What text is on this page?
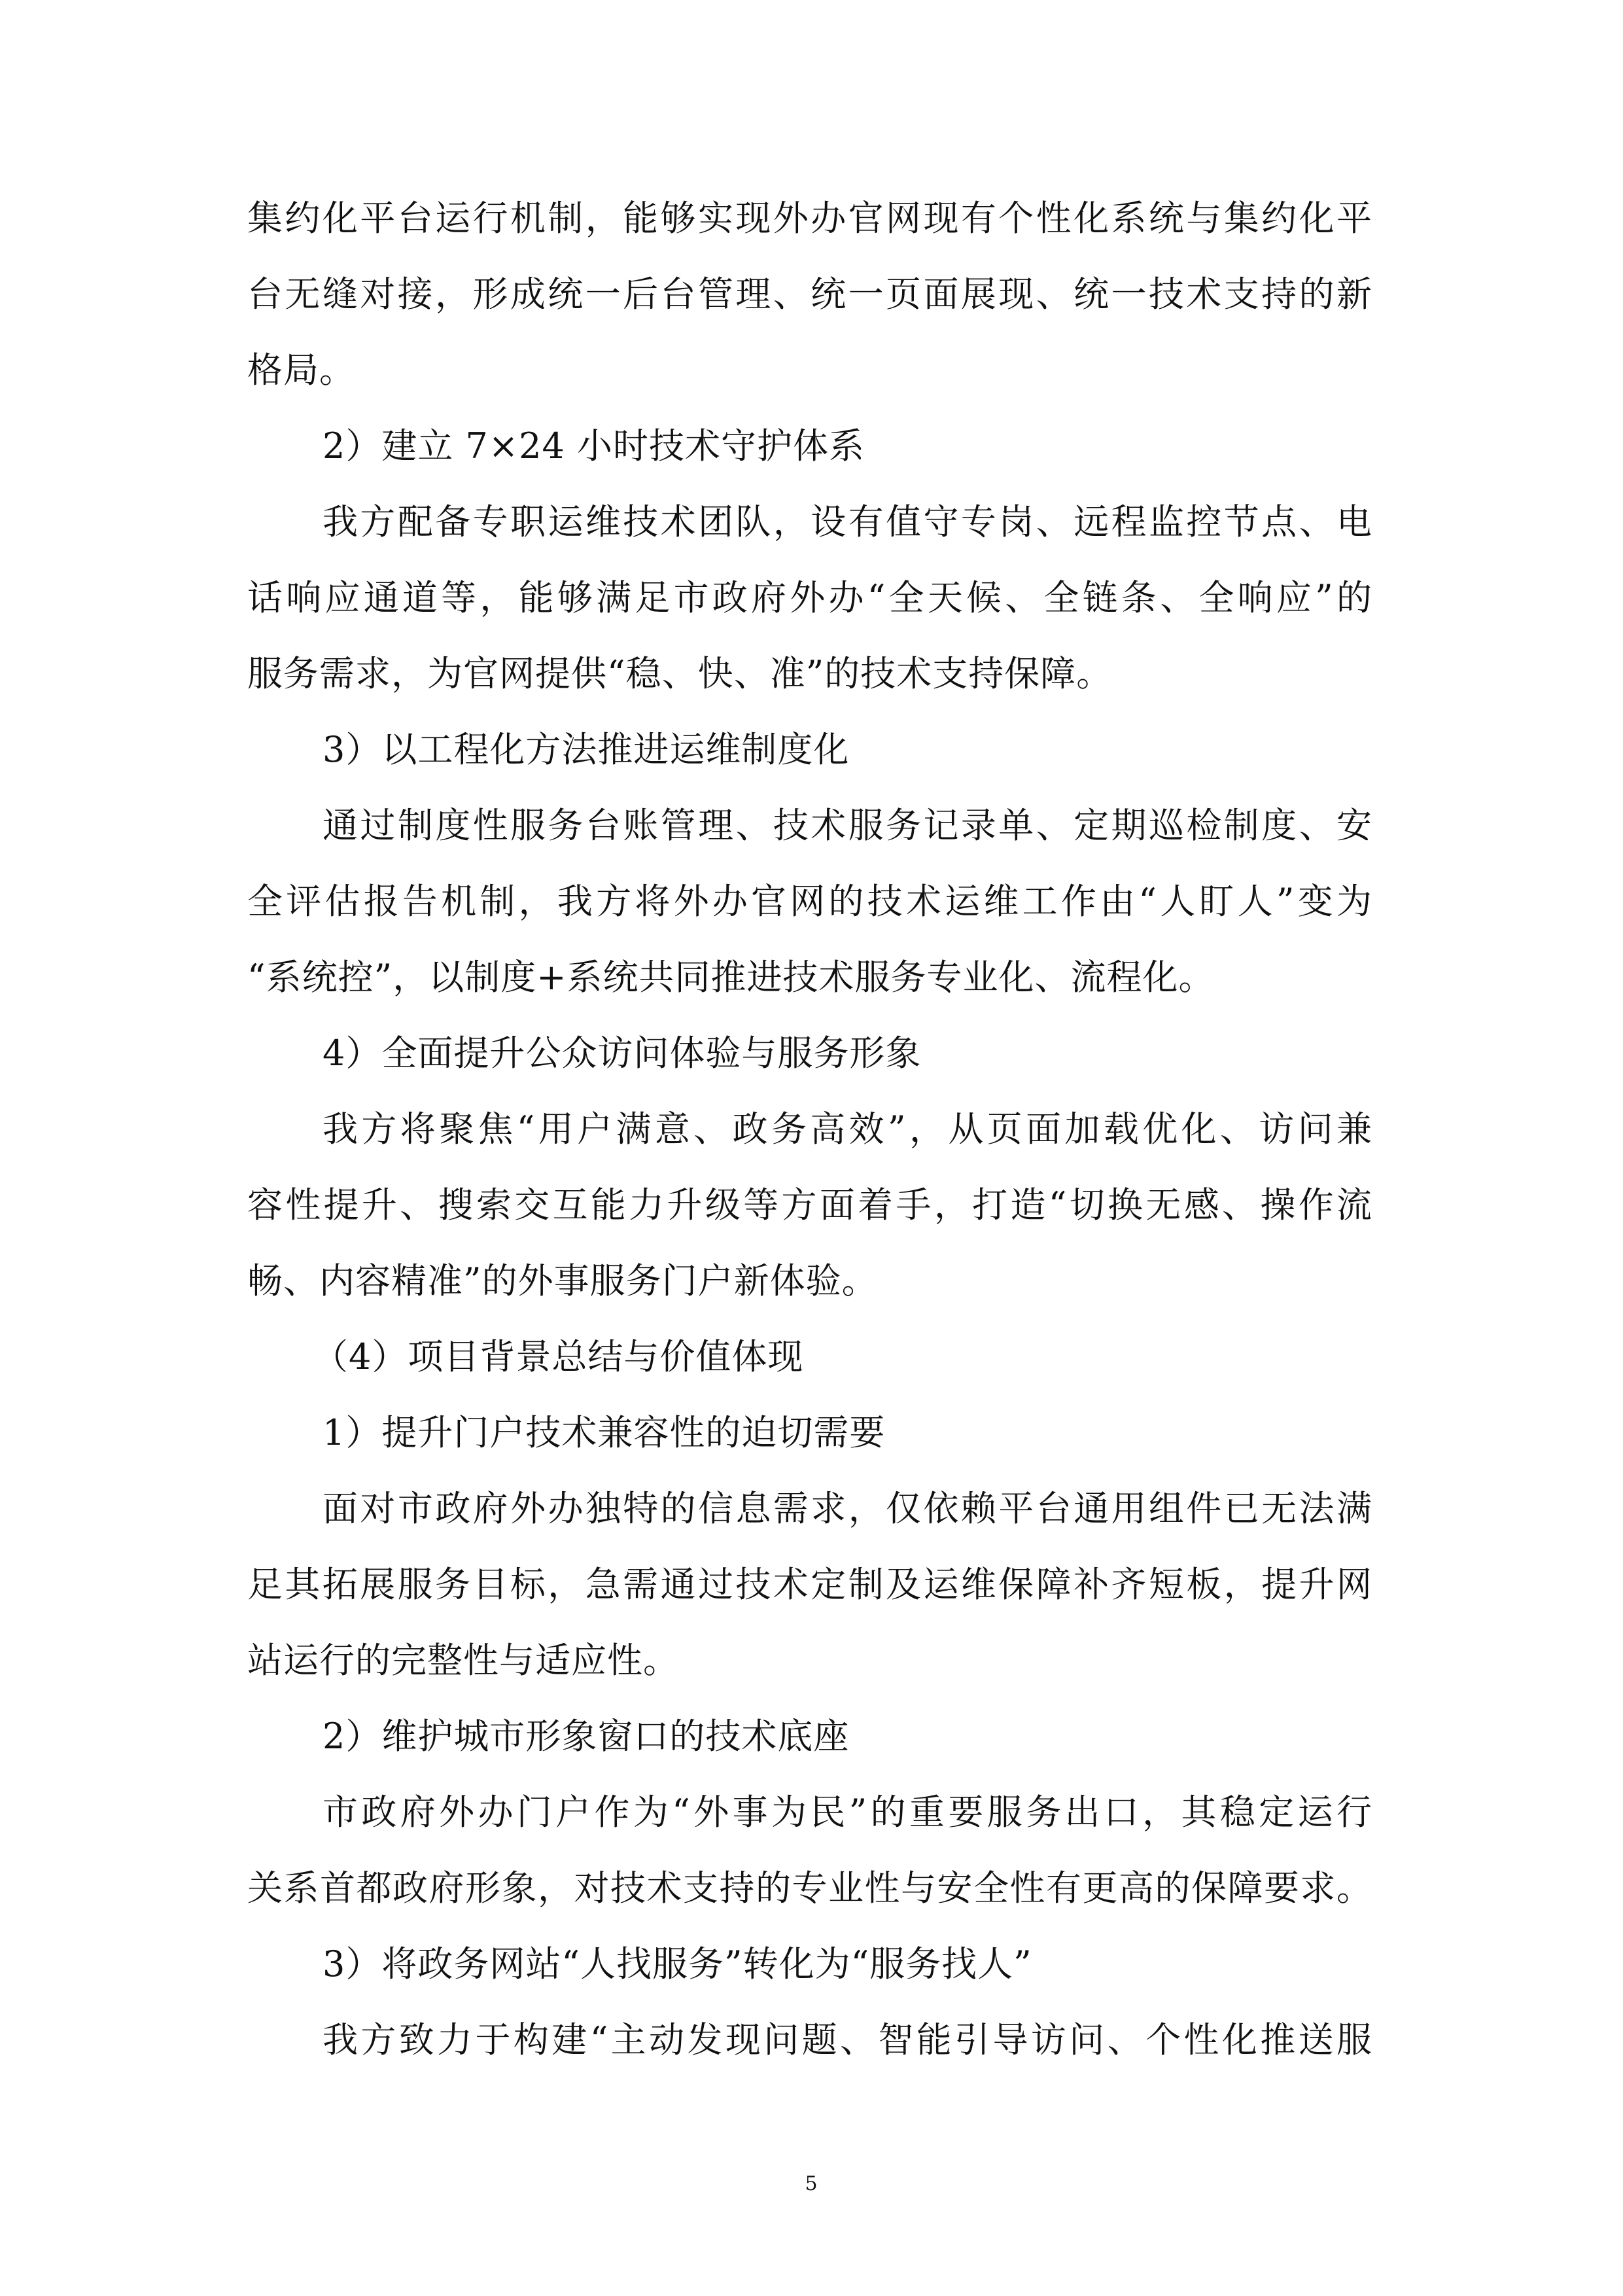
集约化平台运行机制，能够实现外办官网现有个性化系统与集约化平
台无缝对接，形成统一后台管理、统一页面展现、统一技术支持的新
格局。
2）建立 7×24 小时技术守护体系
我方配备专职运维技术团队，设有值守专岗、远程监控节点、电
话响应通道等，能够满足市政府外办“全天候、全链条、全响应”的
服务需求，为官网提供“稳、快、准”的技术支持保障。
3）以工程化方法推进运维制度化
通过制度性服务台账管理、技术服务记录单、定期巡检制度、安
全评估报告机制，我方将外办官网的技术运维工作由“人盯人”变为
“系统控”，以制度+系统共同推进技术服务专业化、流程化。
4）全面提升公众访问体验与服务形象
我方将聚焦“用户满意、政务高效”，从页面加载优化、访问兼
容性提升、搜索交互能力升级等方面着手，打造“切换无感、操作流
畅、内容精准”的外事服务门户新体验。
（4）项目背景总结与价值体现
1）提升门户技术兼容性的迫切需要
面对市政府外办独特的信息需求，仅依赖平台通用组件已无法满
足其拓展服务目标，急需通过技术定制及运维保障补齐短板，提升网
站运行的完整性与适应性。
2）维护城市形象窗口的技术底座
市政府外办门户作为“外事为民”的重要服务出口，其稳定运行
关系首都政府形象，对技术支持的专业性与安全性有更高的保障要求。
3）将政务网站“人找服务”转化为“服务找人”
我方致力于构建“主动发现问题、智能引导访问、个性化推送服
5
